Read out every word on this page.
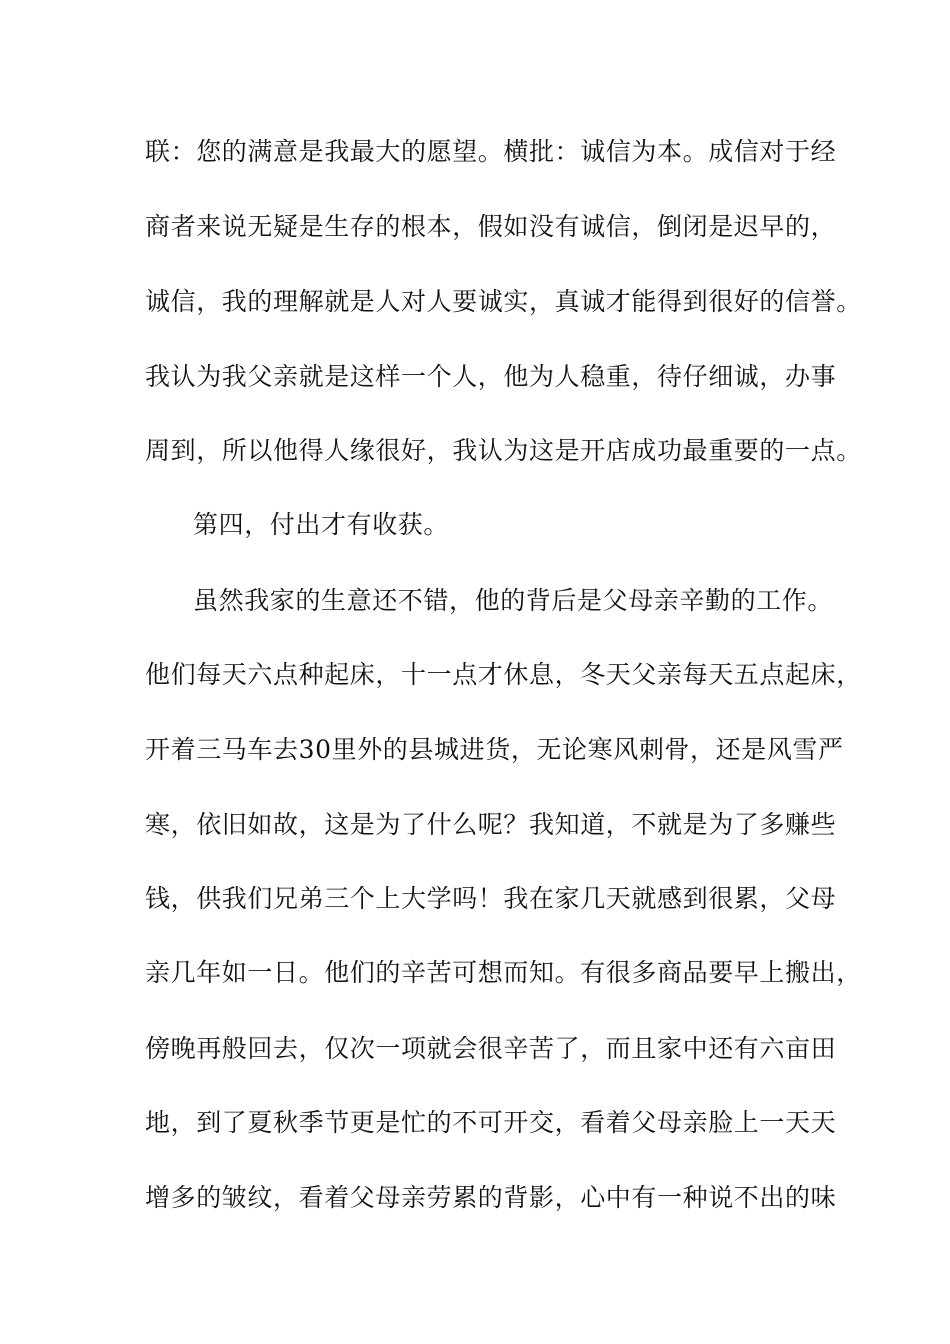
联：您的满意是我最大的愿望。横批：诚信为本。成信对于经
商者来说无疑是生存的根本，假如没有诚信，倒闭是迟早的，
诚信，我的理解就是人对人要诚实，真诚才能得到很好的信誉。
我认为我父亲就是这样一个人，他为人稳重，待仔细诚，办事
周到，所以他得人缘很好，我认为这是开店成功最重要的一点。
第四，付出才有收获。
虽然我家的生意还不错，他的背后是父母亲辛勤的工作。
他们每天六点种起床，十一点才休息，冬天父亲每天五点起床，
开着三马车去30里外的县城进货，无论寒风刺骨，还是风雪严
寒，依旧如故，这是为了什么呢？我知道，不就是为了多赚些
钱，供我们兄弟三个上大学吗！我在家几天就感到很累，父母
亲几年如一日。他们的辛苦可想而知。有很多商品要早上搬出，
傍晚再般回去，仅次一项就会很辛苦了，而且家中还有六亩田
地，到了夏秋季节更是忙的不可开交，看着父母亲脸上一天天
增多的皱纹，看着父母亲劳累的背影，心中有一种说不出的味
